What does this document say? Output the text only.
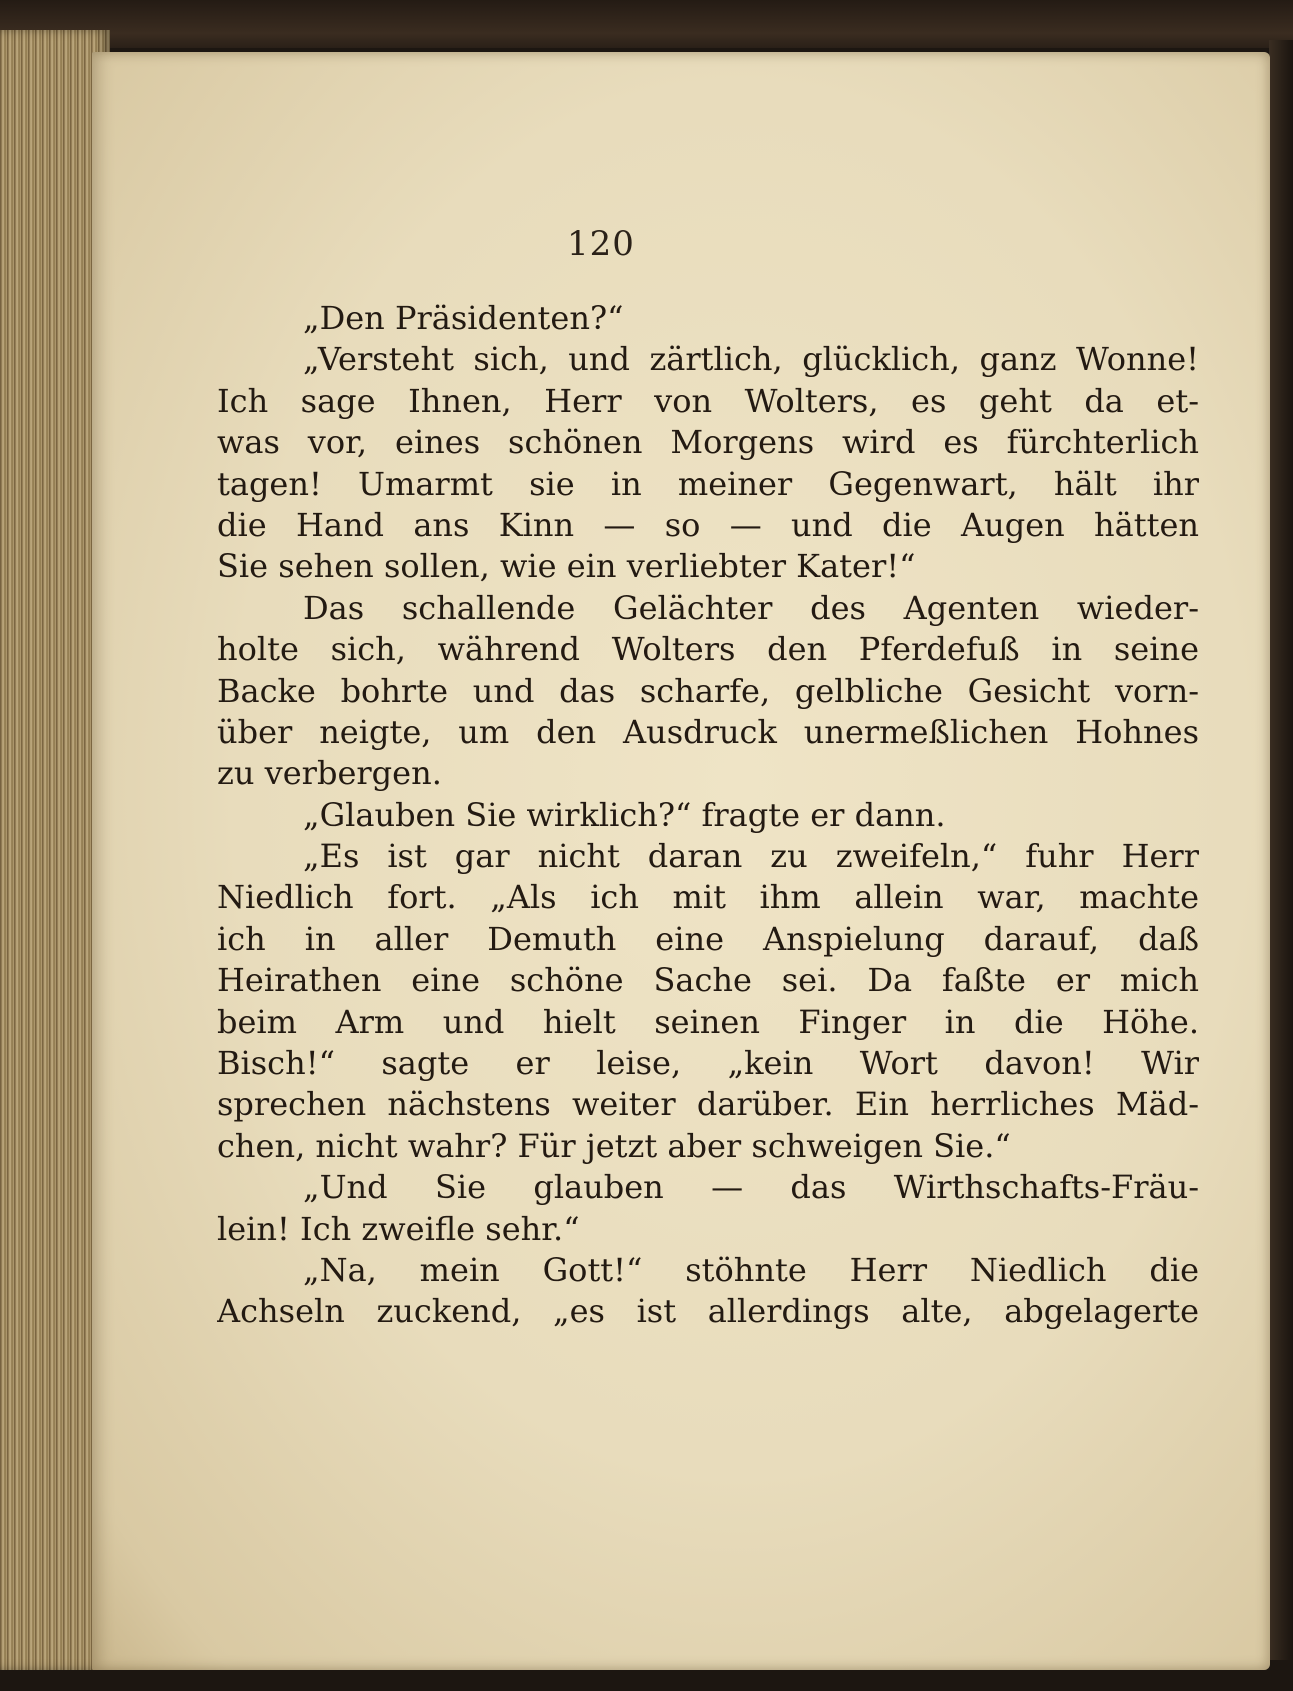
120
„Den Präsidenten?“
„Versteht sich, und zärtlich, glücklich, ganz Wonne!
Ich sage Ihnen, Herr von Wolters, es geht da et-
was vor, eines schönen Morgens wird es fürchterlich
tagen! Umarmt sie in meiner Gegenwart, hält ihr
die Hand ans Kinn — so — und die Augen hätten
Sie sehen sollen, wie ein verliebter Kater!“
Das schallende Gelächter des Agenten wieder-
holte sich, während Wolters den Pferdefuß in seine
Backe bohrte und das scharfe, gelbliche Gesicht vorn-
über neigte, um den Ausdruck unermeßlichen Hohnes
zu verbergen.
„Glauben Sie wirklich?“ fragte er dann.
„Es ist gar nicht daran zu zweifeln,“ fuhr Herr
Niedlich fort. „Als ich mit ihm allein war, machte
ich in aller Demuth eine Anspielung darauf, daß
Heirathen eine schöne Sache sei. Da faßte er mich
beim Arm und hielt seinen Finger in die Höhe.
Bisch!“ sagte er leise, „kein Wort davon! Wir
sprechen nächstens weiter darüber. Ein herrliches Mäd-
chen, nicht wahr? Für jetzt aber schweigen Sie.“
„Und Sie glauben — das Wirthschafts-Fräu-
lein! Ich zweifle sehr.“
„Na, mein Gott!“ stöhnte Herr Niedlich die
Achseln zuckend, „es ist allerdings alte, abgelagerte
